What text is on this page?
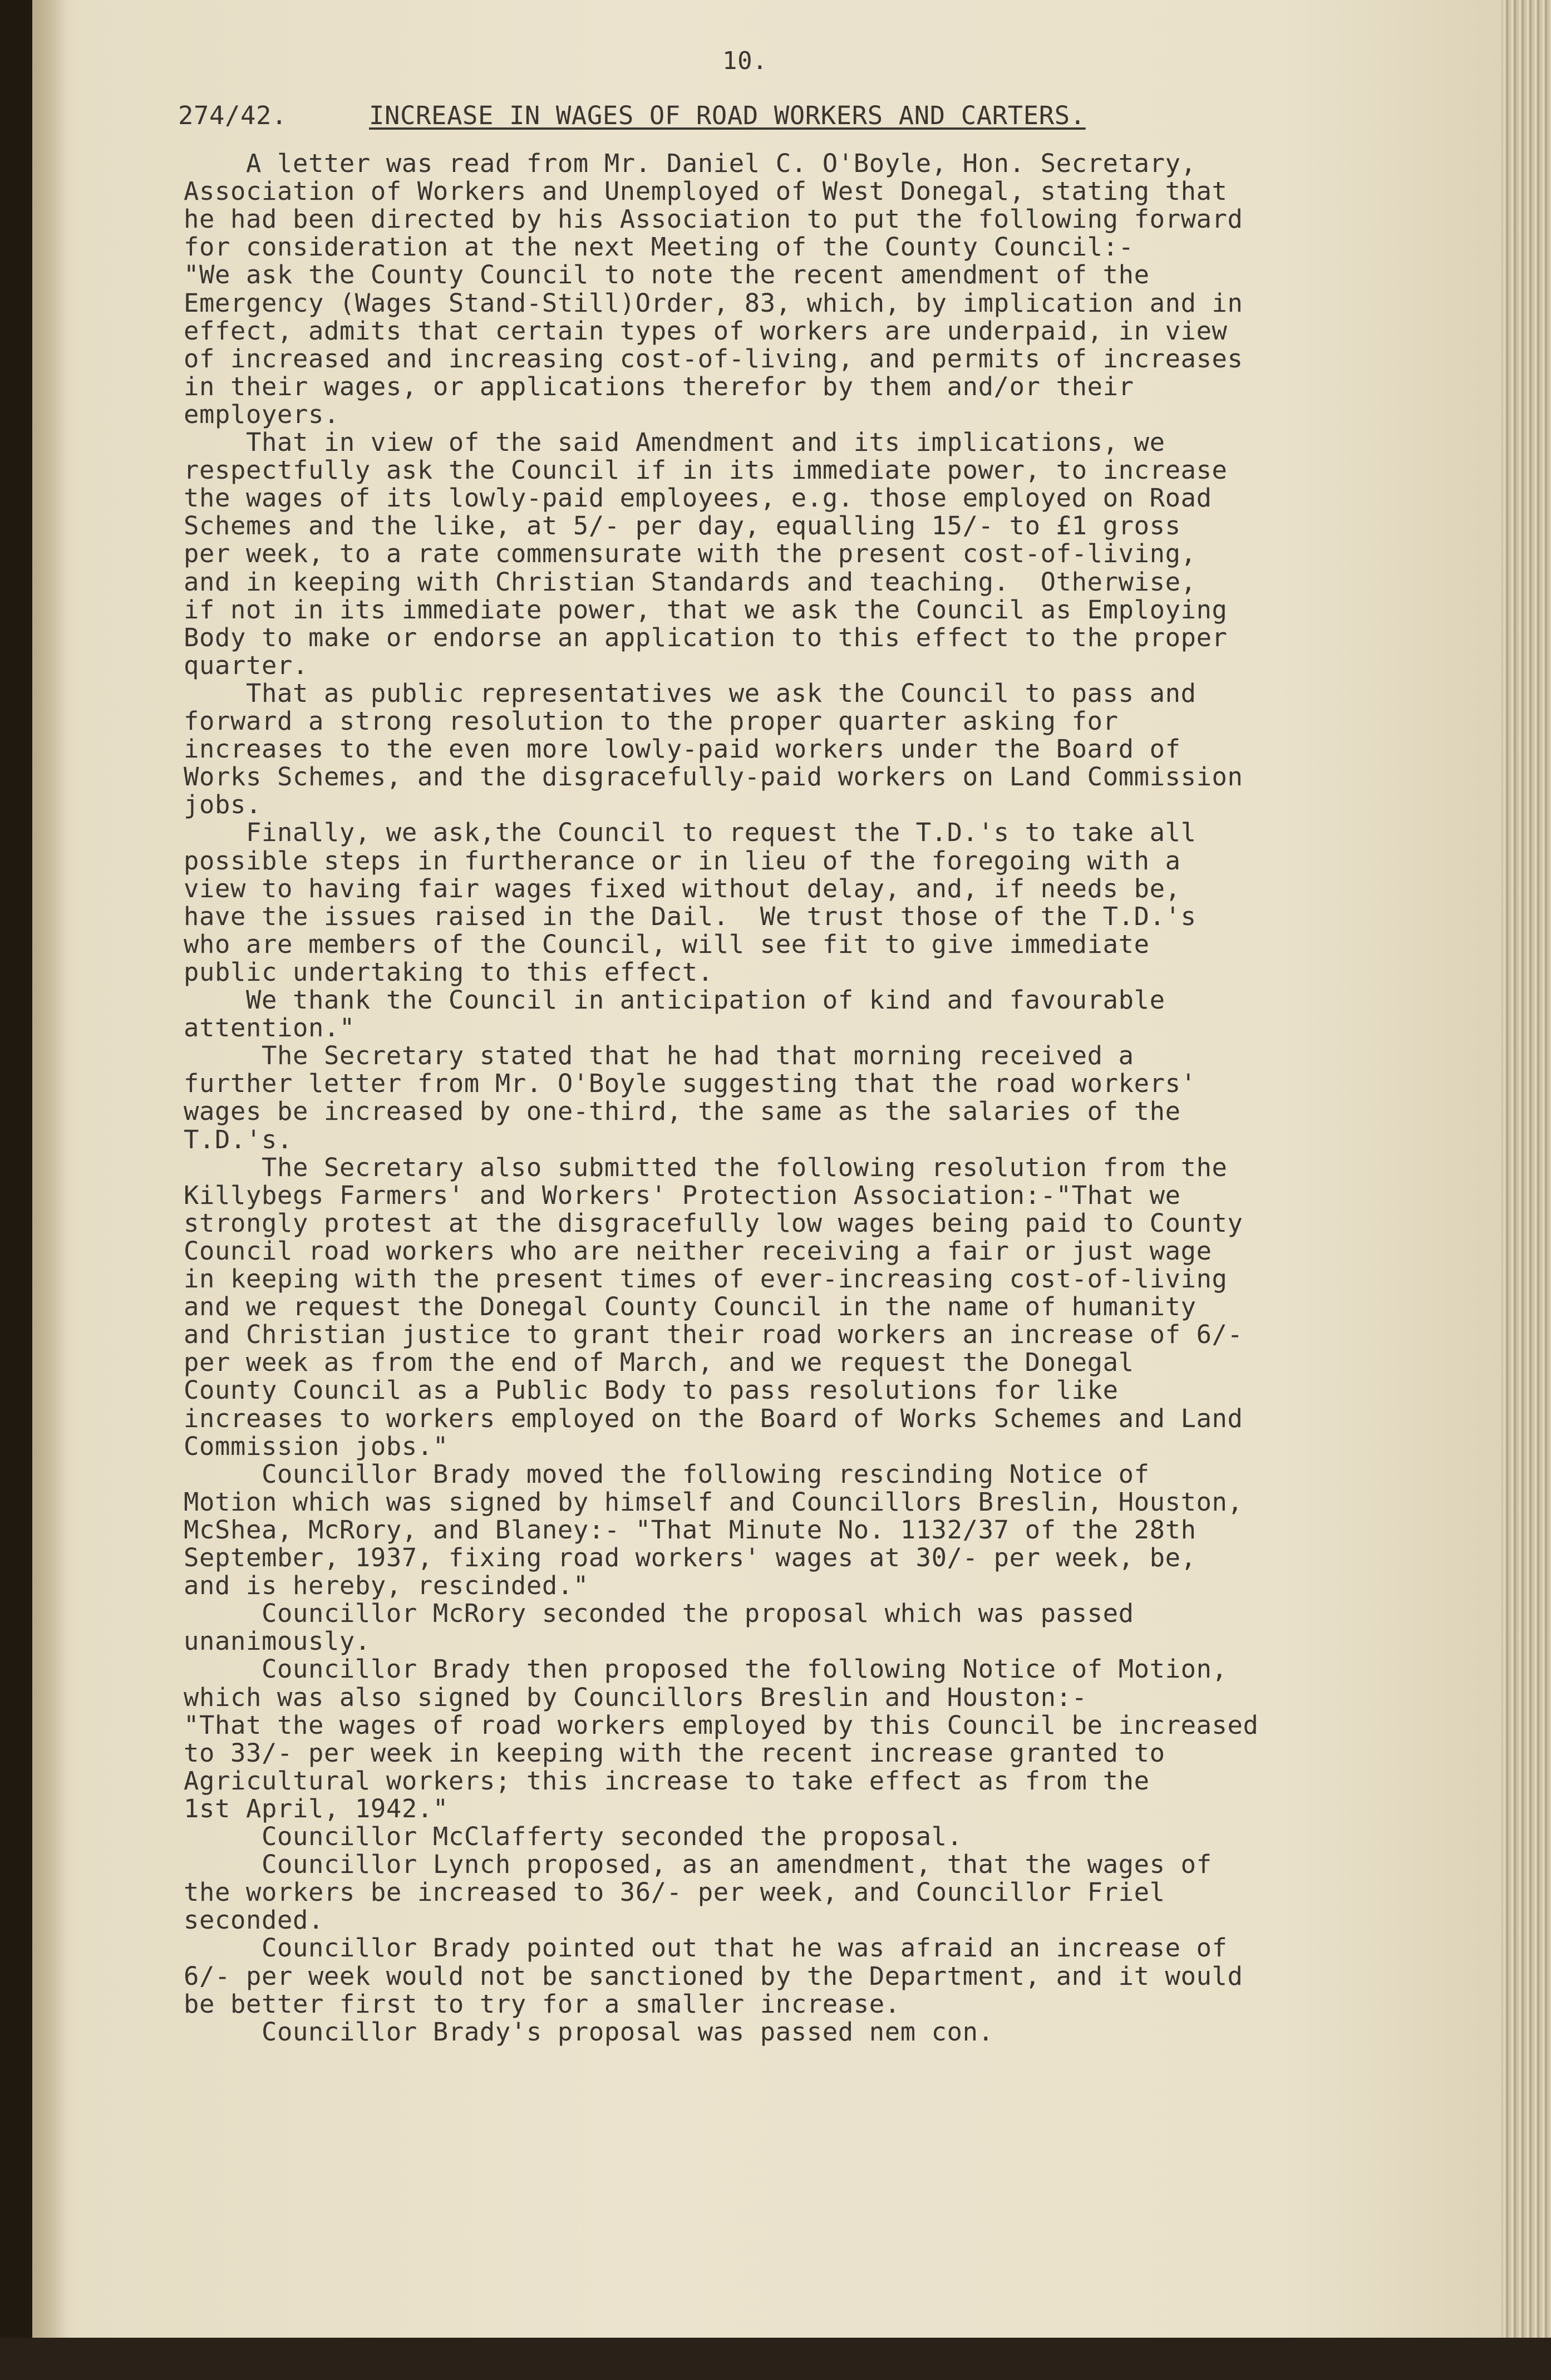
10.
274/42.	INCREASE IN WAGES OF ROAD WORKERS AND CARTERS.
A letter was read from Mr. Daniel C. O'Boyle, Hon. Secretary,
Association of Workers and Unemployed of West Donegal, stating that
he had been directed by his Association to put the following forward
for consideration at the next Meeting of the County Council:-
"We ask the County Council to note the recent amendment of the
Emergency (Wages Stand-Still)Order, 83, which, by implication and in
effect, admits that certain types of workers are underpaid, in view
of increased and increasing cost-of-living, and permits of increases
in their wages, or applications therefor by them and/or their
employers.
That in view of the said Amendment and its implications, we
respectfully ask the Council if in its immediate power, to increase
the wages of its lowly-paid employees, e.g. those employed on Road
Schemes and the like, at 5/- per day, equalling 15/- to £1 gross
per week, to a rate commensurate with the present cost-of-living,
and in keeping with Christian Standards and teaching.  Otherwise,
if not in its immediate power, that we ask the Council as Employing
Body to make or endorse an application to this effect to the proper
quarter.
That as public representatives we ask the Council to pass and
forward a strong resolution to the proper quarter asking for
increases to the even more lowly-paid workers under the Board of
Works Schemes, and the disgracefully-paid workers on Land Commission
jobs.
Finally, we ask,the Council to request the T.D.'s to take all
possible steps in furtherance or in lieu of the foregoing with a
view to having fair wages fixed without delay, and, if needs be,
have the issues raised in the Dail.  We trust those of the T.D.'s
who are members of the Council, will see fit to give immediate
public undertaking to this effect.
We thank the Council in anticipation of kind and favourable
attention."
The Secretary stated that he had that morning received a
further letter from Mr. O'Boyle suggesting that the road workers'
wages be increased by one-third, the same as the salaries of the
T.D.'s.
The Secretary also submitted the following resolution from the
Killybegs Farmers' and Workers' Protection Association:-"That we
strongly protest at the disgracefully low wages being paid to County
Council road workers who are neither receiving a fair or just wage
in keeping with the present times of ever-increasing cost-of-living
and we request the Donegal County Council in the name of humanity
and Christian justice to grant their road workers an increase of 6/-
per week as from the end of March, and we request the Donegal
County Council as a Public Body to pass resolutions for like
increases to workers employed on the Board of Works Schemes and Land
Commission jobs."
Councillor Brady moved the following rescinding Notice of
Motion which was signed by himself and Councillors Breslin, Houston,
McShea, McRory, and Blaney:- "That Minute No. 1132/37 of the 28th
September, 1937, fixing road workers' wages at 30/- per week, be,
and is hereby, rescinded."
Councillor McRory seconded the proposal which was passed
unanimously.
Councillor Brady then proposed the following Notice of Motion,
which was also signed by Councillors Breslin and Houston:-
"That the wages of road workers employed by this Council be increased
to 33/- per week in keeping with the recent increase granted to
Agricultural workers; this increase to take effect as from the
1st April, 1942."
Councillor McClafferty seconded the proposal.
Councillor Lynch proposed, as an amendment, that the wages of
the workers be increased to 36/- per week, and Councillor Friel
seconded.
Councillor Brady pointed out that he was afraid an increase of
6/- per week would not be sanctioned by the Department, and it would
be better first to try for a smaller increase.
Councillor Brady's proposal was passed nem con.
